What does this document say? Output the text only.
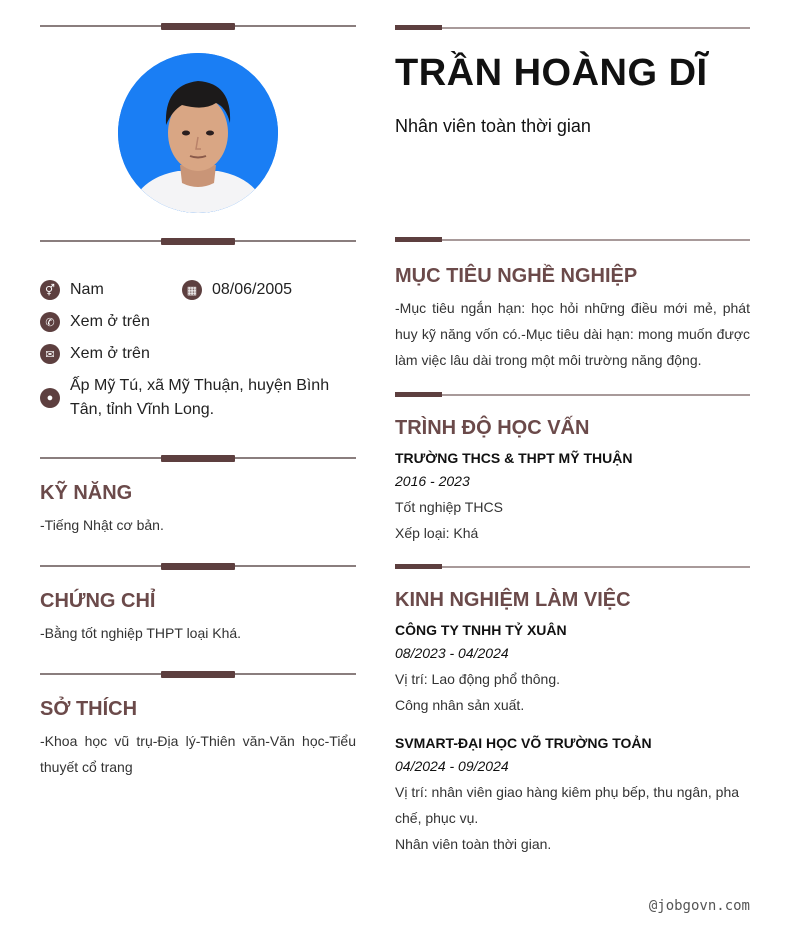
⚥ Nam	▦ 08/06/2005
✆ Xem ở trên
✉ Xem ở trên
●
Ấp Mỹ Tú, xã Mỹ Thuận, huyện Bình Tân, tỉnh Vĩnh Long.
KỸ NĂNG
-Tiếng Nhật cơ bản.
CHỨNG CHỈ
-Bằng tốt nghiệp THPT loại Khá.
SỞ THÍCH
-Khoa học vũ trụ-Địa lý-Thiên văn-Văn học-Tiểu thuyết cổ trang
TRẦN HOÀNG DĨ
Nhân viên toàn thời gian
MỤC TIÊU NGHỀ NGHIỆP
-Mục tiêu ngắn hạn: học hỏi những điều mới mẻ, phát huy kỹ năng vốn có.-Mục tiêu dài hạn: mong muốn được làm việc lâu dài trong một môi trường năng động.
TRÌNH ĐỘ HỌC VẤN
TRƯỜNG THCS & THPT MỸ THUẬN
2016 - 2023
Tốt nghiệp THCS
Xếp loại: Khá
KINH NGHIỆM LÀM VIỆC
CÔNG TY TNHH TỶ XUÂN
08/2023 - 04/2024
Vị trí: Lao động phổ thông.
Công nhân sản xuất.
SVMART-ĐẠI HỌC VÕ TRƯỜNG TOẢN
04/2024 - 09/2024
Vị trí: nhân viên giao hàng kiêm phụ bếp, thu ngân, pha chế, phục vụ.
Nhân viên toàn thời gian.
@jobgovn.com
